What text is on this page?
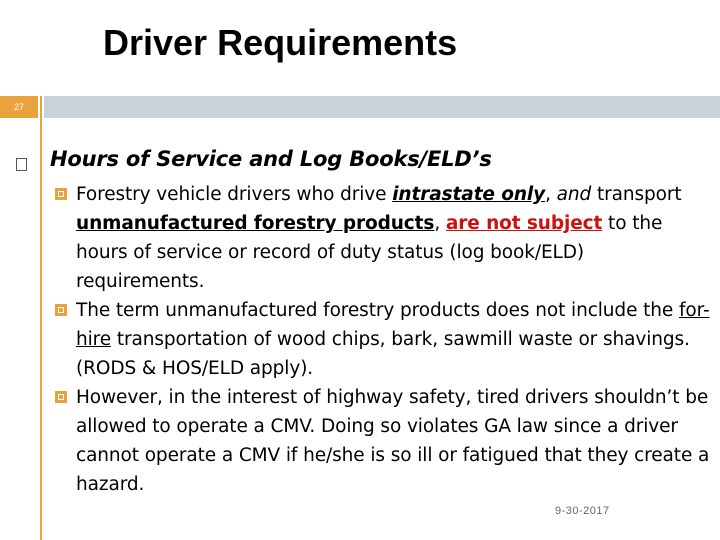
Driver Requirements
27
Hours of Service and Log Books/ELD’s
Forestry vehicle drivers who drive intrastate only, and transport unmanufactured forestry products, are not subject to the hours of service or record of duty status (log book/ELD) requirements.
The term unmanufactured forestry products does not include the for-hire transportation of wood chips, bark, sawmill waste or shavings. (RODS & HOS/ELD apply).
However, in the interest of highway safety, tired drivers shouldn’t be allowed to operate a CMV. Doing so violates GA law since a driver cannot operate a CMV if he/she is so ill or fatigued that they create a hazard.
9-30-2017
